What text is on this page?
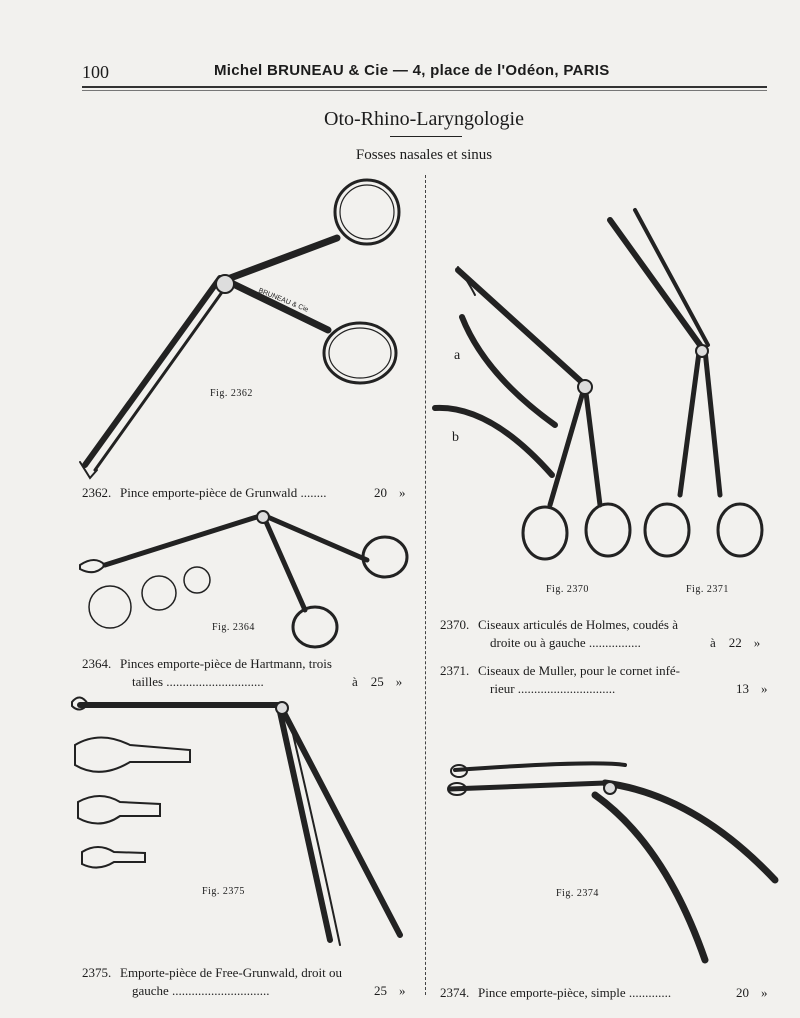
100	Michel BRUNEAU & Cie — 4, place de l'Odéon, PARIS
Oto-Rhino-Laryngologie
Fosses nasales et sinus
BRUNEAU & Cie
Fig. 2362
2362. Pince emporte-pièce de Grunwald ........	20 »
Fig. 2364
2364. Pinces emporte-pièce de Hartmann, trois
tailles ..............................	à 25 »
Fig. 2375
2375. Emporte-pièce de Free-Grunwald, droit ou
gauche ..............................	25 »
a
b
Fig. 2370	Fig. 2371
2370. Ciseaux articulés de Holmes, coudés à
droite ou à gauche ................	à 22 »
2371. Ciseaux de Muller, pour le cornet infé-
rieur ..............................	13 »
Fig. 2374
2374. Pince emporte-pièce, simple .............	20 »
